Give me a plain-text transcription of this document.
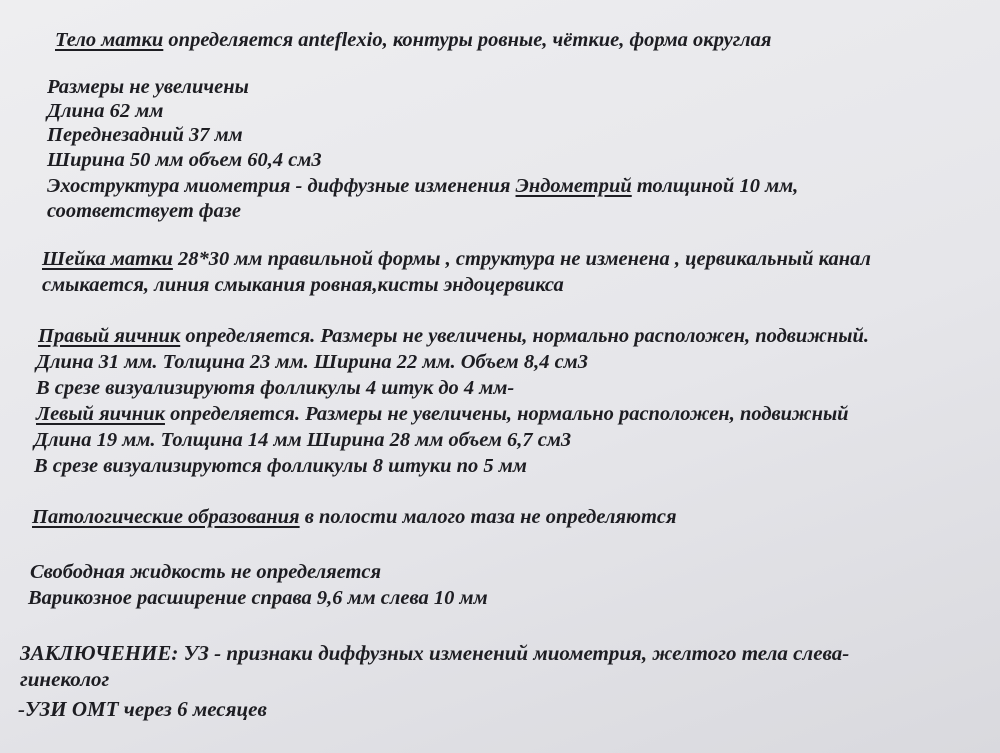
Тело матки определяется anteflexio, контуры ровные, чёткие, форма округлая
Размеры не увеличены
Длина 62 мм
Переднезадний 37 мм
Ширина 50 мм объем 60,4 см3
Эхоструктура миометрия - диффузные изменения Эндометрий толщиной 10 мм,
соответствует фазе
Шейка матки 28*30 мм правильной формы , структура не изменена , цервикальный канал
смыкается, линия смыкания ровная,кисты эндоцервикса
Правый яичник определяется. Размеры не увеличены, нормально расположен, подвижный.
Длина 31 мм. Толщина 23 мм. Ширина 22 мм. Объем 8,4 см3
В срезе визуализируютя фолликулы 4 штук до 4 мм-
Левый яичник определяется. Размеры не увеличены, нормально расположен, подвижный
Длина 19 мм. Толщина 14 мм Ширина 28 мм объем 6,7 см3
В срезе визуализируются фолликулы 8 штуки по 5 мм
Патологические образования в полости малого таза не определяются
Свободная жидкость не определяется
Варикозное расширение справа 9,6 мм слева 10 мм
ЗАКЛЮЧЕНИЕ: УЗ - признаки диффузных изменений миометрия, желтого тела слева-
гинеколог
-УЗИ ОМТ через 6 месяцев
